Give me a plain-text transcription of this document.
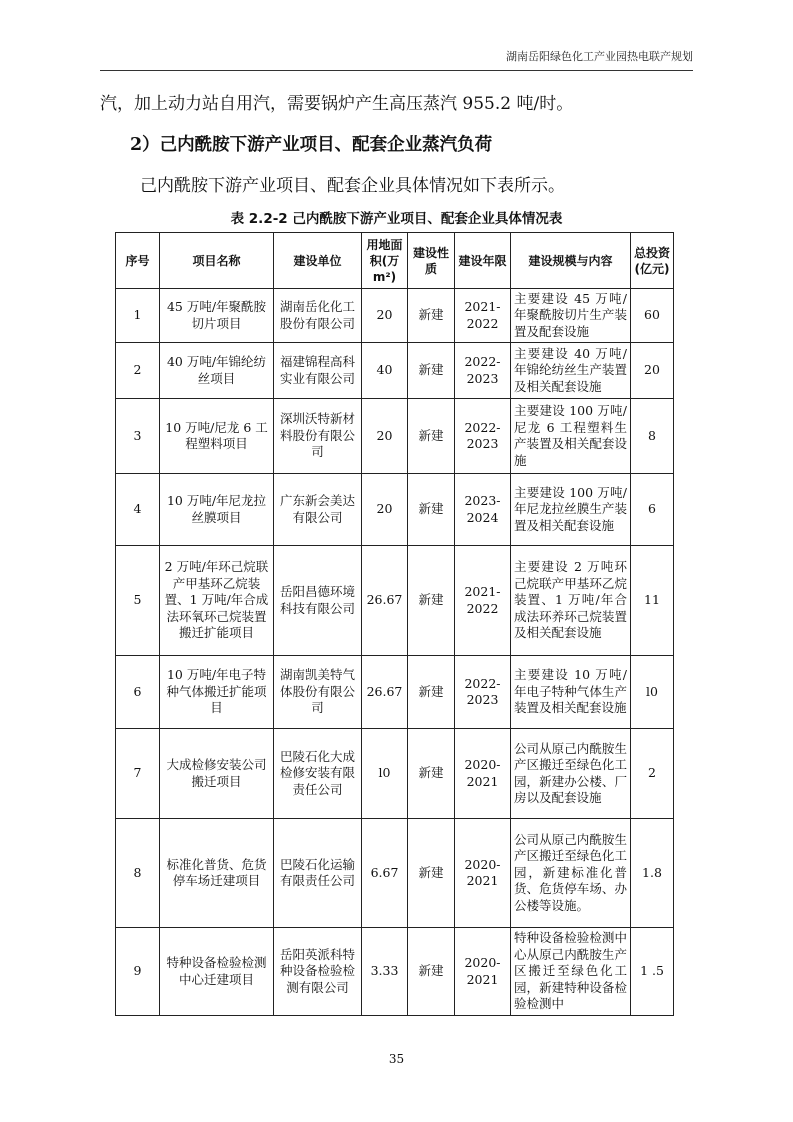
湖南岳阳绿色化工产业园热电联产规划
汽，加上动力站自用汽，需要锅炉产生高压蒸汽 955.2 吨/时。
2）己内酰胺下游产业项目、配套企业蒸汽负荷
己内酰胺下游产业项目、配套企业具体情况如下表所示。
表 2.2-2 己内酰胺下游产业项目、配套企业具体情况表
序号	项目名称	建设单位	用地面积(万m²)	建设性质	建设年限	建设规模与内容	总投资(亿元)
1	45 万吨/年聚酰胺切片项目	湖南岳化化工股份有限公司	20	新建	2021-2022	主要建设 45 万吨/年聚酰胺切片生产装置及配套设施	60
2	40 万吨/年锦纶纺丝项目	福建锦程高科实业有限公司	40	新建	2022-2023	主要建设 40 万吨/年锦纶纺丝生产装置及相关配套设施	20
3	10 万吨/尼龙 6 工程塑料项目	深圳沃特新材料股份有限公司	20	新建	2022-2023	主要建设 100 万吨/尼龙 6 工程塑料生产装置及相关配套设施	8
4	10 万吨/年尼龙拉丝膜项目	广东新会美达有限公司	20	新建	2023-2024	主要建设 100 万吨/年尼龙拉丝膜生产装置及相关配套设施	6
5	2 万吨/年环己烷联产甲基环乙烷装置、1 万吨/年合成法环氧环己烷装置搬迁扩能项目	岳阳昌德环境科技有限公司	26.67	新建	2021-2022	主要建设 2 万吨环己烷联产甲基环乙烷装置、1 万吨/年合成法环养环己烷装置及相关配套设施	11
6	10 万吨/年电子特种气体搬迁扩能项目	湖南凯美特气体股份有限公司	26.67	新建	2022-2023	主要建设 10 万吨/年电子特种气体生产装置及相关配套设施	l0
7	大成检修安装公司搬迁项目	巴陵石化大成检修安装有限责任公司	l0	新建	2020-2021	公司从原己内酰胺生产区搬迁至绿色化工园，新建办公楼、厂房以及配套设施	2
8	标准化普货、危货停车场迁建项目	巴陵石化运输有限责任公司	6.67	新建	2020-2021	公司从原己内酰胺生产区搬迁至绿色化工园，新建标准化普货、危货停车场、办公楼等设施。	1.8
9	特种设备检验检测中心迁建项目	岳阳英派科特种设备检验检测有限公司	3.33	新建	2020-2021	特种设备检验检测中心从原己内酰胺生产区搬迁至绿色化工园，新建特种设备检验检测中	1 .5
35
